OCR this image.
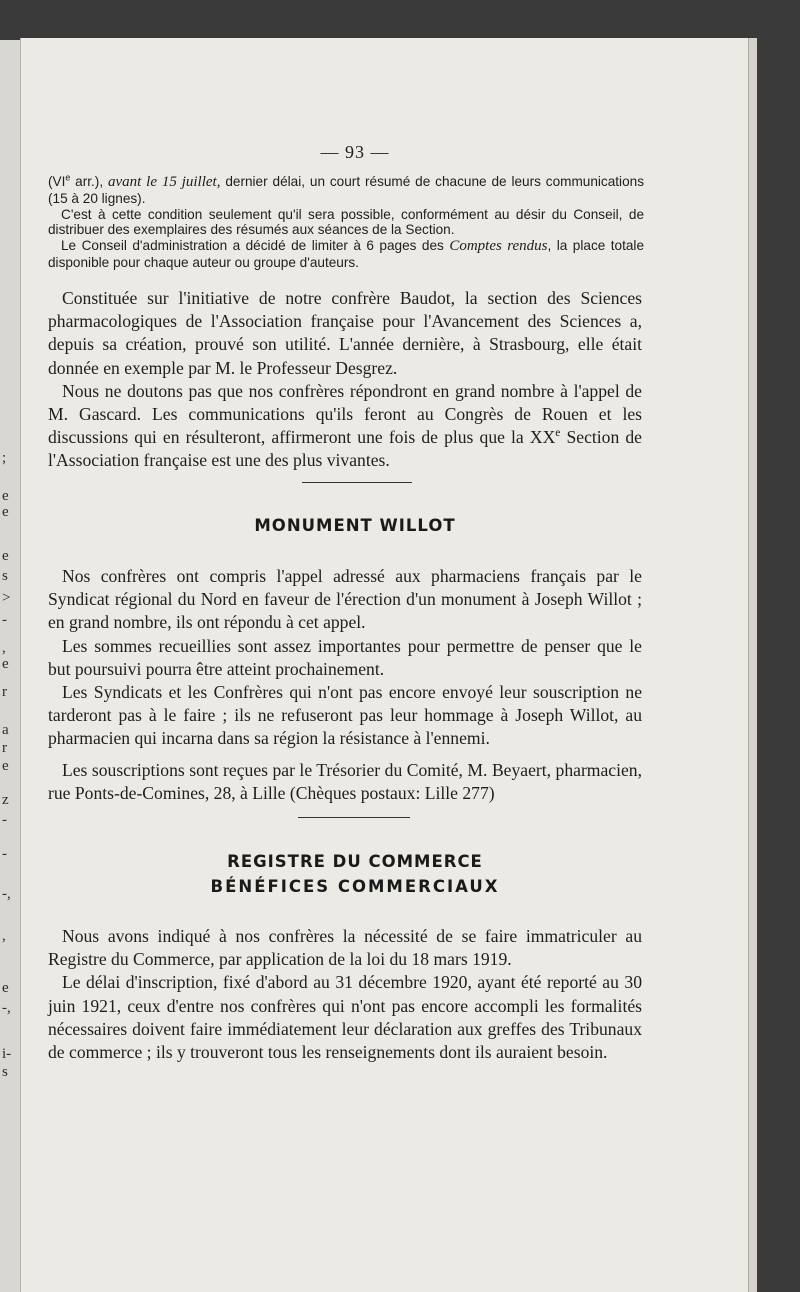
;
e
e
e
s
>
-
,
e
r
a
r
e
z
-
-
-,
,
e
-,
i-
s
— 93 —

(VIe arr.), avant le 15 juillet, dernier délai, un court résumé de chacune de leurs communications (15 à 20 lignes).

C'est à cette condition seulement qu'il sera possible, conformément au désir du Conseil, de distribuer des exemplaires des résumés aux séances de la Section.

Le Conseil d'administration a décidé de limiter à 6 pages des Comptes rendus, la place totale disponible pour chaque auteur ou groupe d'auteurs.

Constituée sur l'initiative de notre confrère Baudot, la section des Sciences pharmacologiques de l'Association française pour l'Avancement des Sciences a, depuis sa création, prouvé son utilité. L'année dernière, à Strasbourg, elle était donnée en exemple par M. le Professeur Desgrez.

Nous ne doutons pas que nos confrères répondront en grand nombre à l'appel de M. Gascard. Les communications qu'ils feront au Congrès de Rouen et les discussions qui en résulteront, affirmeront une fois de plus que la XXe Section de l'Association française est une des plus vivantes.

MONUMENT WILLOT

Nos confrères ont compris l'appel adressé aux pharmaciens français par le Syndicat régional du Nord en faveur de l'érection d'un monument à Joseph Willot ; en grand nombre, ils ont répondu à cet appel.

Les sommes recueillies sont assez importantes pour permettre de penser que le but poursuivi pourra être atteint prochainement.

Les Syndicats et les Confrères qui n'ont pas encore envoyé leur souscription ne tarderont pas à le faire ; ils ne refuseront pas leur hommage à Joseph Willot, au pharmacien qui incarna dans sa région la résistance à l'ennemi.

Les souscriptions sont reçues par le Trésorier du Comité, M. Beyaert, pharmacien, rue Ponts-de-Comines, 28, à Lille (Chèques postaux: Lille 277)

REGISTRE DU COMMERCE
BÉNÉFICES COMMERCIAUX

Nous avons indiqué à nos confrères la nécessité de se faire immatriculer au Registre du Commerce, par application de la loi du 18 mars 1919.

Le délai d'inscription, fixé d'abord au 31 décembre 1920, ayant été reporté au 30 juin 1921, ceux d'entre nos confrères qui n'ont pas encore accompli les formalités nécessaires doivent faire immédiatement leur déclaration aux greffes des Tribunaux de commerce ; ils y trouveront tous les renseignements dont ils auraient besoin.
